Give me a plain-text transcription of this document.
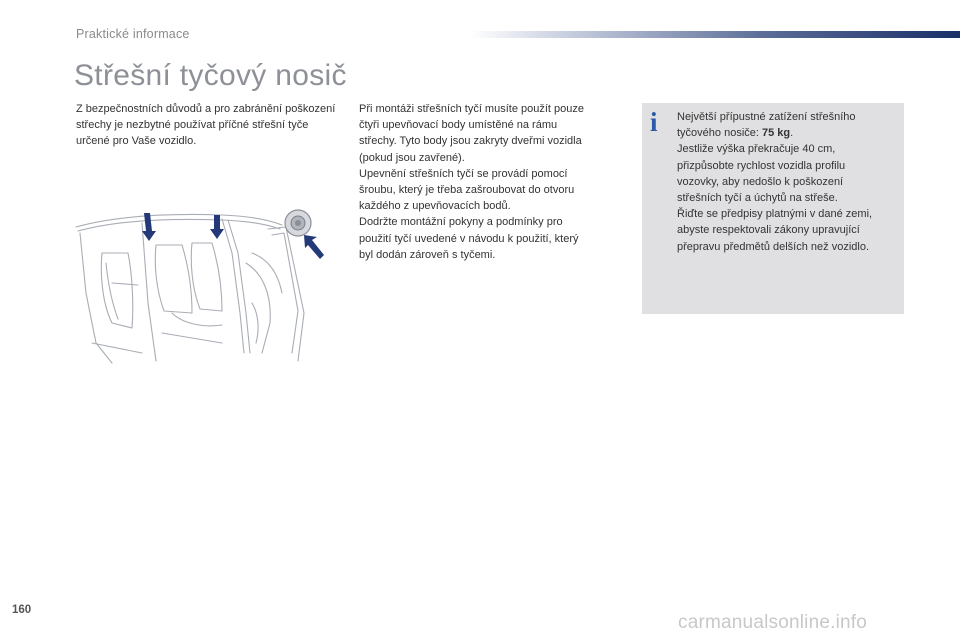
Praktické informace
Střešní tyčový nosič

Z bezpečnostních důvodů a pro zabránění poškození střechy je nezbytné používat příčné střešní tyče určené pro Vaše vozidlo.

Při montáži střešních tyčí musíte použít pouze

čtyři upevňovací body umístěné na rámu

střechy. Tyto body jsou zakryty dveřmi vozidla

(pokud jsou zavřené).

Upevnění střešních tyčí se provádí pomocí

šroubu, který je třeba zašroubovat do otvoru

každého z upevňovacích bodů.

Dodržte montážní pokyny a podmínky pro

použití tyčí uvedené v návodu k použití, který

byl dodán zároveň s tyčemi.

i	Největší přípustné zatížení střešního

tyčového nosiče: 75 kg.

Jestliže výška překračuje 40 cm,

přizpůsobte rychlost vozidla profilu

vozovky, aby nedošlo k poškození

střešních tyčí a úchytů na střeše.

Řiďte se předpisy platnými v dané zemi,

abyste respektovali zákony upravující

přepravu předmětů delších než vozidlo.

160
carmanualsonline.info
